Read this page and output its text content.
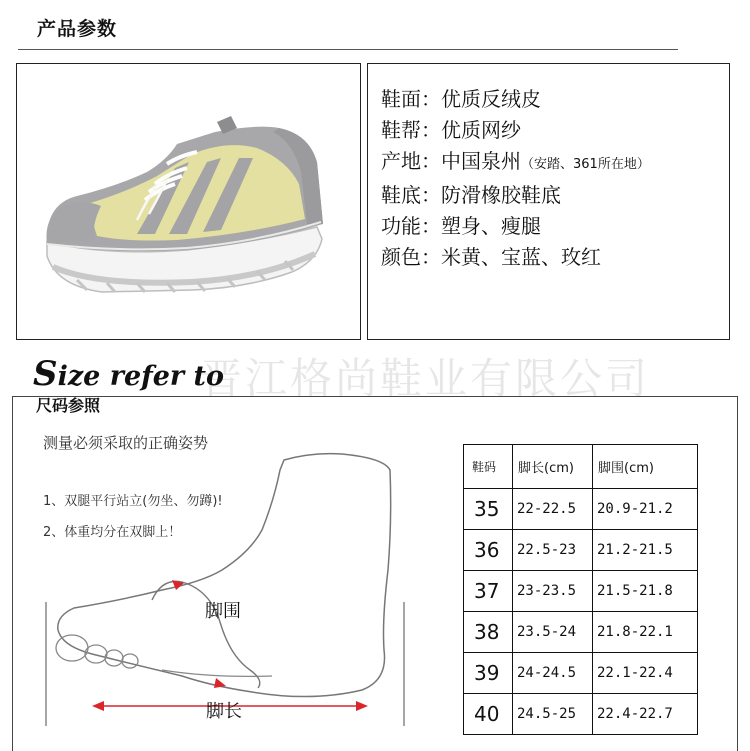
产品参数
鞋面：优质反绒皮
鞋帮：优质网纱
产地：中国泉州（安踏、361所在地）
鞋底：防滑橡胶鞋底
功能：塑身、瘦腿
颜色：米黄、宝蓝、玫红
晋江格尚鞋业有限公司
Size refer to
尺码参照
测量必须采取的正确姿势
1、双腿平行站立(勿坐、勿蹲)!
2、体重均分在双脚上！
脚围
脚长
鞋码	脚长(cm)	脚围(cm)
35	22-22.5	20.9-21.2
36	22.5-23	21.2-21.5
37	23-23.5	21.5-21.8
38	23.5-24	21.8-22.1
39	24-24.5	22.1-22.4
40	24.5-25	22.4-22.7
